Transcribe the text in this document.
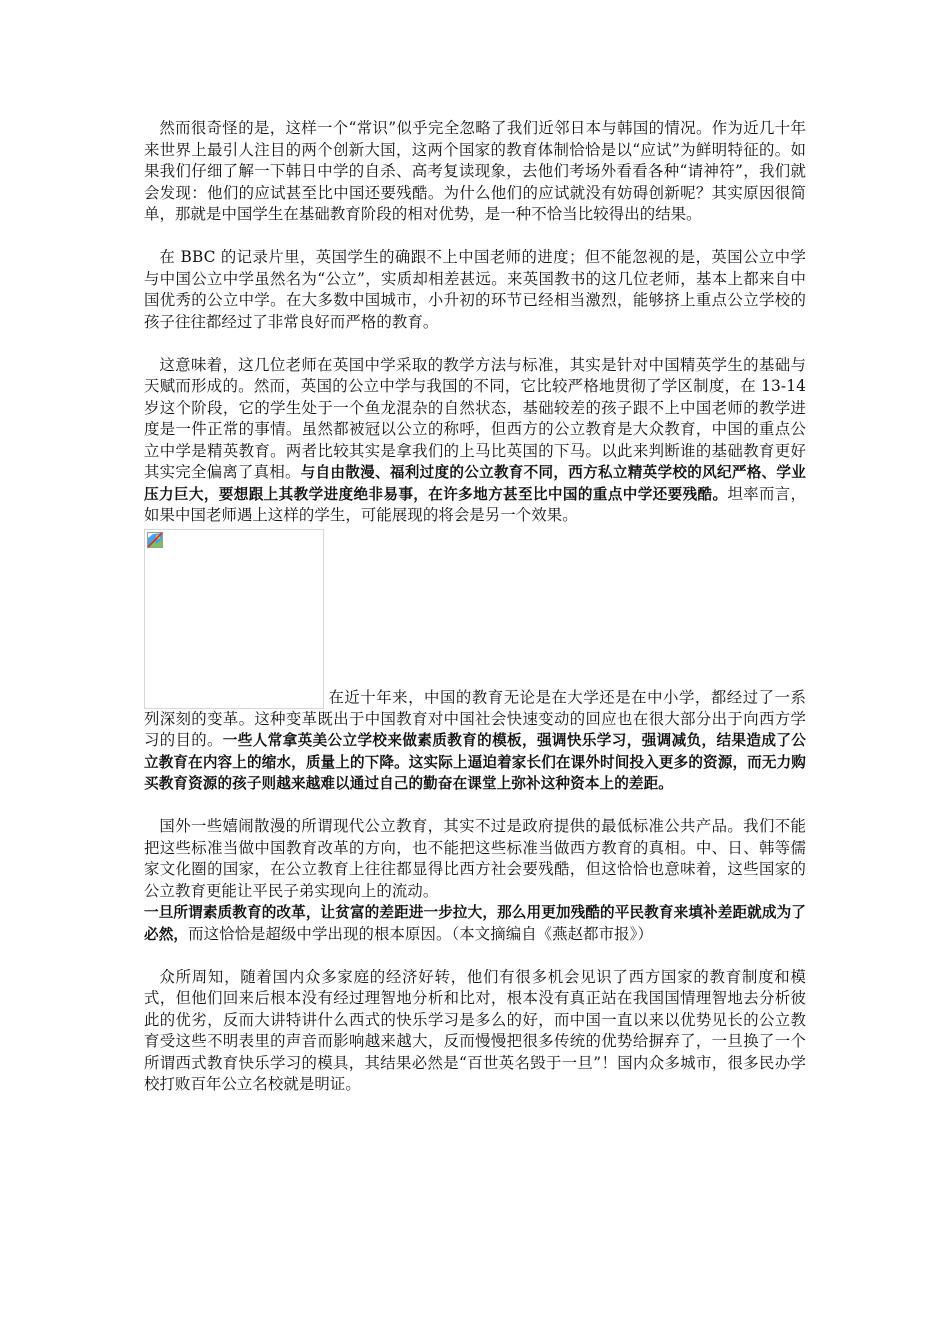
然而很奇怪的是，这样一个“常识”似乎完全忽略了我们近邻日本与韩国的情况。作为近几十年来世界上最引人注目的两个创新大国，这两个国家的教育体制恰恰是以“应试”为鲜明特征的。如果我们仔细了解一下韩日中学的自杀、高考复读现象，去他们考场外看看各种“请神符”，我们就会发现：他们的应试甚至比中国还要残酷。为什么他们的应试就没有妨碍创新呢？其实原因很简单，那就是中国学生在基础教育阶段的相对优势，是一种不恰当比较得出的结果。

在 BBC 的记录片里，英国学生的确跟不上中国老师的进度；但不能忽视的是，英国公立中学与中国公立中学虽然名为“公立”，实质却相差甚远。来英国教书的这几位老师，基本上都来自中国优秀的公立中学。在大多数中国城市，小升初的环节已经相当激烈，能够挤上重点公立学校的孩子往往都经过了非常良好而严格的教育。

这意味着，这几位老师在英国中学采取的教学方法与标准，其实是针对中国精英学生的基础与天赋而形成的。然而，英国的公立中学与我国的不同，它比较严格地贯彻了学区制度，在 13-14 岁这个阶段，它的学生处于一个鱼龙混杂的自然状态，基础较差的孩子跟不上中国老师的教学进度是一件正常的事情。虽然都被冠以公立的称呼，但西方的公立教育是大众教育，中国的重点公立中学是精英教育。两者比较其实是拿我们的上马比英国的下马。以此来判断谁的基础教育更好其实完全偏离了真相。与自由散漫、福利过度的公立教育不同，西方私立精英学校的风纪严格、学业压力巨大，要想跟上其教学进度绝非易事，在许多地方甚至比中国的重点中学还要残酷。坦率而言，如果中国老师遇上这样的学生，可能展现的将会是另一个效果。

在近十年来，中国的教育无论是在大学还是在中小学，都经过了一系列深刻的变革。这种变革既出于中国教育对中国社会快速变动的回应也在很大部分出于向西方学习的目的。一些人常拿英美公立学校来做素质教育的模板，强调快乐学习，强调减负，结果造成了公立教育在内容上的缩水，质量上的下降。这实际上逼迫着家长们在课外时间投入更多的资源，而无力购买教育资源的孩子则越来越难以通过自己的勤奋在课堂上弥补这种资本上的差距。

国外一些嬉闹散漫的所谓现代公立教育，其实不过是政府提供的最低标准公共产品。我们不能把这些标准当做中国教育改革的方向，也不能把这些标准当做西方教育的真相。中、日、韩等儒家文化圈的国家，在公立教育上往往都显得比西方社会要残酷，但这恰恰也意味着，这些国家的公立教育更能让平民子弟实现向上的流动。

一旦所谓素质教育的改革，让贫富的差距进一步拉大，那么用更加残酷的平民教育来填补差距就成为了必然，而这恰恰是超级中学出现的根本原因。（本文摘编自《燕赵都市报》）

众所周知，随着国内众多家庭的经济好转，他们有很多机会见识了西方国家的教育制度和模式，但他们回来后根本没有经过理智地分析和比对，根本没有真正站在我国国情理智地去分析彼此的优劣，反而大讲特讲什么西式的快乐学习是多么的好，而中国一直以来以优势见长的公立教育受这些不明表里的声音而影响越来越大，反而慢慢把很多传统的优势给摒弃了，一旦换了一个所谓西式教育快乐学习的模具，其结果必然是“百世英名毁于一旦”！国内众多城市，很多民办学校打败百年公立名校就是明证。
